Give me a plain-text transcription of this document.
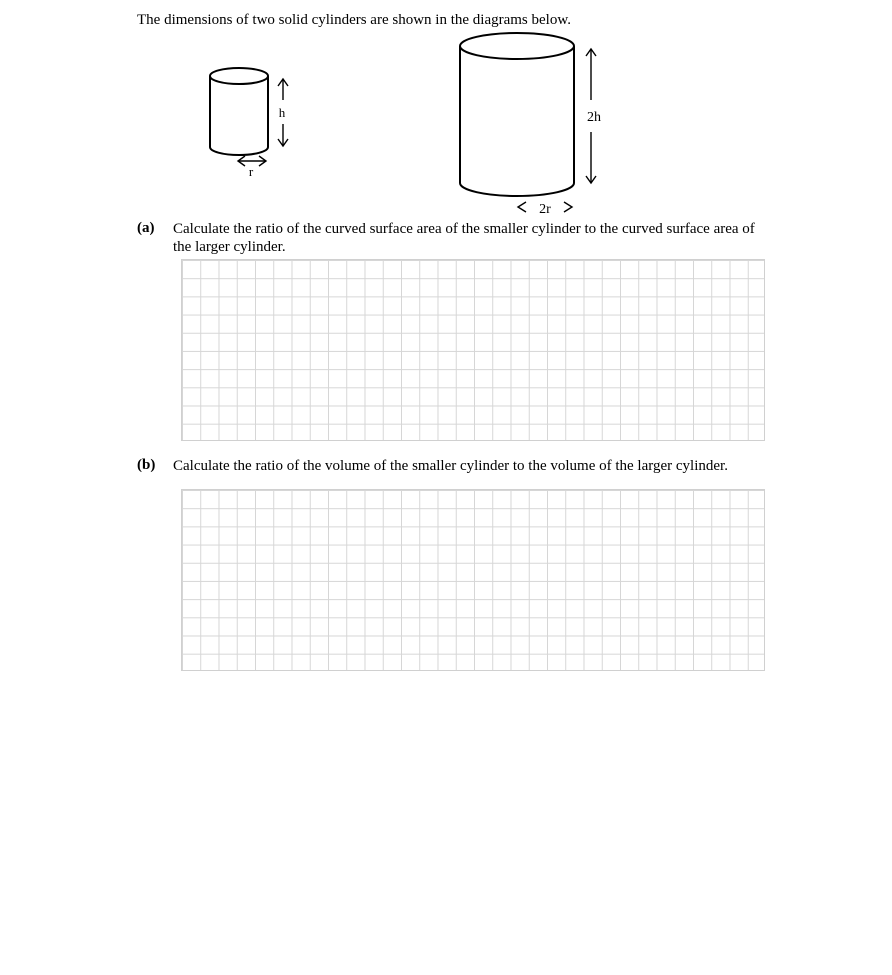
The dimensions of two solid cylinders are shown in the diagrams below.
h
r
2h
2r
(a) Calculate the ratio of the curved surface area of the smaller cylinder to the curved surface area of the larger cylinder.
(b) Calculate the ratio of the volume of the smaller cylinder to the volume of the larger cylinder.
